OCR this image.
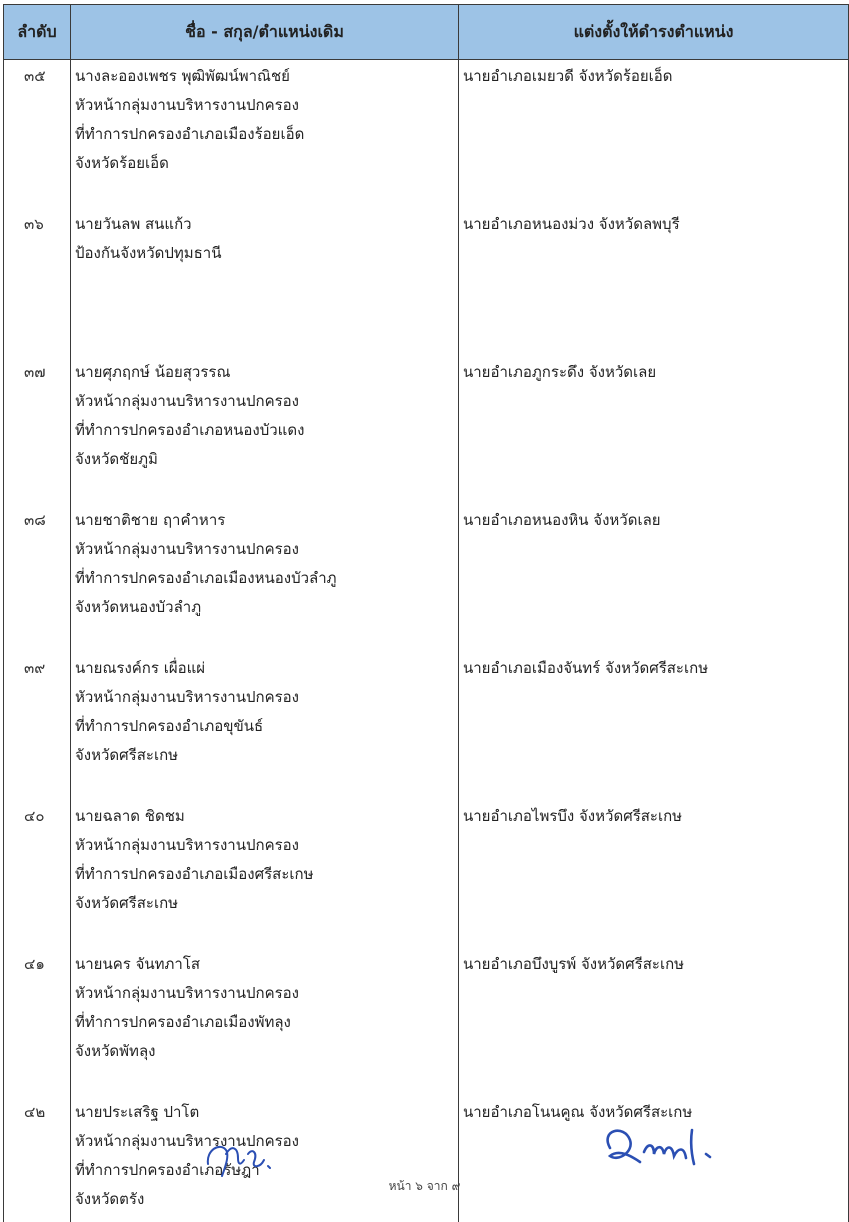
ลำดับ	ชื่อ - สกุล/ตำแหน่งเดิม	แต่งตั้งให้ดำรงตำแหน่ง
๓๕	นางละอองเพชร พุฒิพัฒน์พาณิชย์
หัวหน้ากลุ่มงานบริหารงานปกครอง
ที่ทำการปกครองอำเภอเมืองร้อยเอ็ด
จังหวัดร้อยเอ็ด	นายอำเภอเมยวดี จังหวัดร้อยเอ็ด
๓๖	นายวันลพ สนแก้ว
ป้องกันจังหวัดปทุมธานี	นายอำเภอหนองม่วง จังหวัดลพบุรี
๓๗	นายศุภฤกษ์ น้อยสุวรรณ
หัวหน้ากลุ่มงานบริหารงานปกครอง
ที่ทำการปกครองอำเภอหนองบัวแดง
จังหวัดชัยภูมิ	นายอำเภอภูกระดึง จังหวัดเลย
๓๘	นายชาติชาย ฤาคำหาร
หัวหน้ากลุ่มงานบริหารงานปกครอง
ที่ทำการปกครองอำเภอเมืองหนองบัวลำภู
จังหวัดหนองบัวลำภู	นายอำเภอหนองหิน จังหวัดเลย
๓๙	นายณรงค์กร เผื่อแผ่
หัวหน้ากลุ่มงานบริหารงานปกครอง
ที่ทำการปกครองอำเภอขุขันธ์
จังหวัดศรีสะเกษ	นายอำเภอเมืองจันทร์ จังหวัดศรีสะเกษ
๔๐	นายฉลาด ชิดชม
หัวหน้ากลุ่มงานบริหารงานปกครอง
ที่ทำการปกครองอำเภอเมืองศรีสะเกษ
จังหวัดศรีสะเกษ	นายอำเภอไพรบึง จังหวัดศรีสะเกษ
๔๑	นายนคร จันทภาโส
หัวหน้ากลุ่มงานบริหารงานปกครอง
ที่ทำการปกครองอำเภอเมืองพัทลุง
จังหวัดพัทลุง	นายอำเภอบึงบูรพ์ จังหวัดศรีสะเกษ
๔๒	นายประเสริฐ ปาโต
หัวหน้ากลุ่มงานบริหารงานปกครอง
ที่ทำการปกครองอำเภอรัษฎา
จังหวัดตรัง	นายอำเภอโนนคูณ จังหวัดศรีสะเกษ
หน้า ๖ จาก ๙
